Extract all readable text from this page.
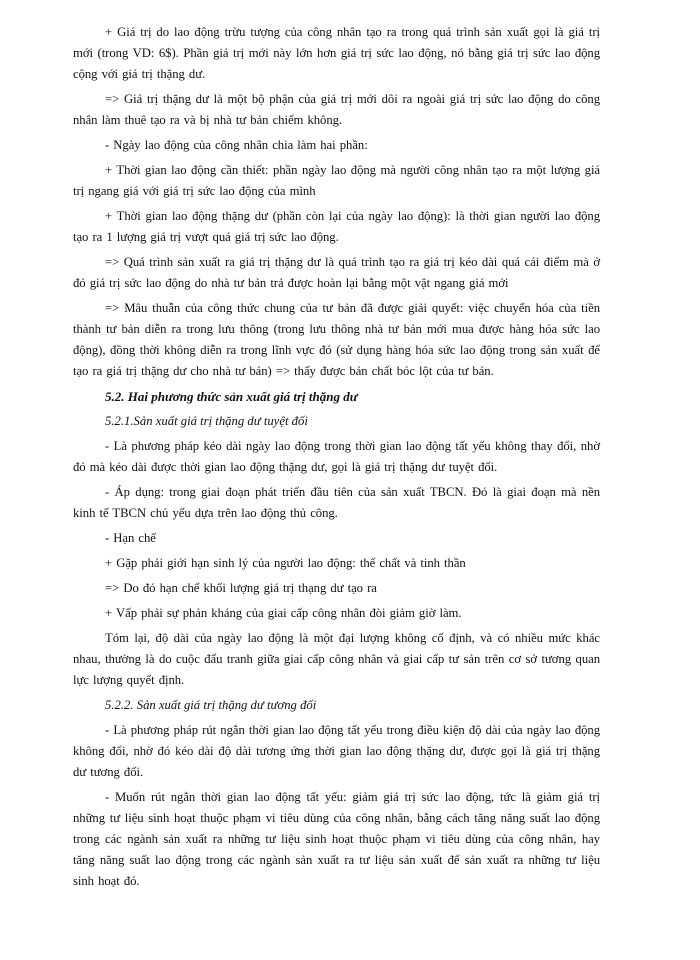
+ Giá trị do lao động trừu tượng của công nhân tạo ra trong quá trình sản xuất gọi là giá trị mới (trong VD: 6$). Phần giá trị mới này lớn hơn giá trị sức lao động, nó bằng giá trị sức lao động cộng với giá trị thặng dư.

=> Giá trị thặng dư là một bộ phận của giá trị mới dôi ra ngoài giá trị sức lao động do công nhân làm thuê tạo ra và bị nhà tư bản chiếm không.

- Ngày lao động của công nhân chia làm hai phần:

+ Thời gian lao động cần thiết: phần ngày lao động mà người công nhân tạo ra một lượng giá trị ngang giá với giá trị sức lao động của mình

+ Thời gian lao động thặng dư (phần còn lại của ngày lao động): là thời gian người lao động tạo ra 1 lượng giá trị vượt quá giá trị sức lao động.

=> Quá trình sản xuất ra giá trị thặng dư là quá trình tạo ra giá trị kéo dài quá cái điểm mà ở đó giá trị sức lao động do nhà tư bản trả được hoàn lại bằng một vật ngang giá mới

=> Mâu thuẫn của công thức chung của tư bản đã được giải quyết: việc chuyển hóa của tiền thành tư bản diễn ra trong lưu thông (trong lưu thông nhà tư bản mới mua được hàng hóa sức lao động), đồng thời không diễn ra trong lĩnh vực đó (sử dụng hàng hóa sức lao động trong sản xuất để tạo ra giá trị thặng dư cho nhà tư bản) => thấy được bản chất bóc lột của tư bản.

5.2. Hai phương thức sản xuất giá trị thặng dư
5.2.1.Sản xuất giá trị thặng dư tuyệt đối

- Là phương pháp kéo dài ngày lao động trong thời gian lao động tất yếu không thay đổi, nhờ đó mà kéo dài được thời gian lao động thặng dư, gọi là giá trị thặng dư tuyệt đối.

- Áp dụng: trong giai đoạn phát triển đầu tiên của sản xuất TBCN. Đó là giai đoạn mà nền kinh tế TBCN chủ yếu dựa trên lao động thủ công.

- Hạn chế

+ Gặp phải giới hạn sinh lý của người lao động: thể chất và tinh thần

=> Do đó hạn chế khối lượng giá trị thạng dư tạo ra

+ Vấp phải sự phản kháng của giai cấp công nhân đòi giảm giờ làm.

Tóm lại, độ dài của ngày lao động là một đại lượng không cố định, và có nhiều mức khác nhau, thường là do cuộc đấu tranh giữa giai cấp công nhân và giai cấp tư sản trên cơ sở tương quan lực lượng quyết định.

5.2.2. Sản xuất giá trị thặng dư tương đối

- Là phương pháp rút ngắn thời gian lao động tất yếu trong điều kiện độ dài của ngày lao động không đổi, nhờ đó kéo dài độ dài tương ứng thời gian lao động thặng dư, được gọi là giá trị thặng dư tương đối.

- Muốn rút ngắn thời gian lao động tất yếu: giảm giá trị sức lao động, tức là giảm giá trị những tư liệu sinh hoạt thuộc phạm vi tiêu dùng của công nhân, bằng cách tăng năng suất lao động trong các ngành sản xuất ra những tư liệu sinh hoạt thuộc phạm vi tiêu dùng của công nhân, hay tăng năng suất lao động trong các ngành sản xuất ra tư liệu sản xuất để sản xuất ra những tư liệu sinh hoạt đó.
